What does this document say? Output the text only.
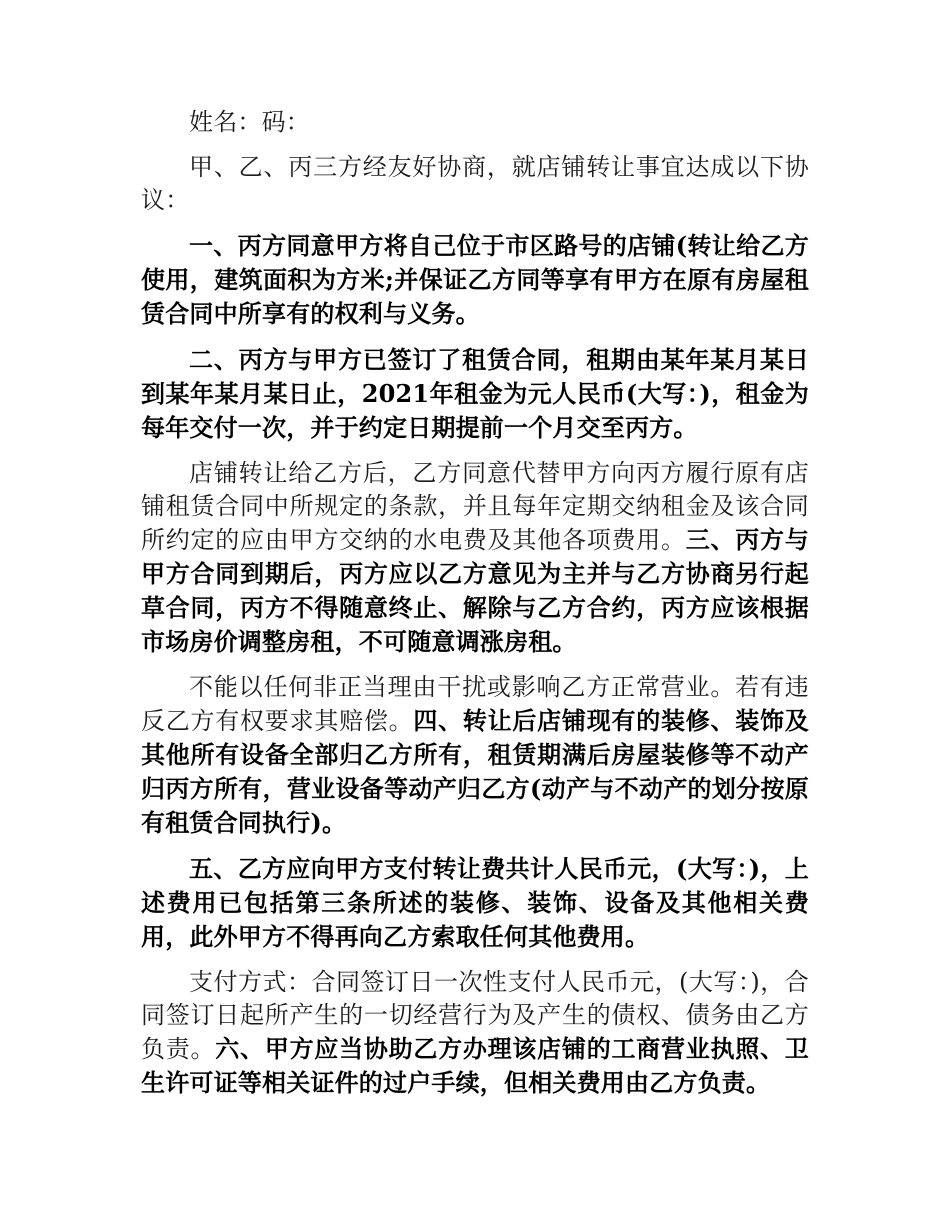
姓名：码：

甲、乙、丙三方经友好协商，就店铺转让事宜达成以下协议：

一、丙方同意甲方将自己位于市区路号的店铺(转让给乙方使用，建筑面积为方米;并保证乙方同等享有甲方在原有房屋租赁合同中所享有的权利与义务。

二、丙方与甲方已签订了租赁合同，租期由某年某月某日到某年某月某日止，2021年租金为元人民币(大写：)，租金为每年交付一次，并于约定日期提前一个月交至丙方。

店铺转让给乙方后，乙方同意代替甲方向丙方履行原有店铺租赁合同中所规定的条款，并且每年定期交纳租金及该合同所约定的应由甲方交纳的水电费及其他各项费用。三、丙方与甲方合同到期后，丙方应以乙方意见为主并与乙方协商另行起草合同，丙方不得随意终止、解除与乙方合约，丙方应该根据市场房价调整房租，不可随意调涨房租。

不能以任何非正当理由干扰或影响乙方正常营业。若有违反乙方有权要求其赔偿。四、转让后店铺现有的装修、装饰及其他所有设备全部归乙方所有，租赁期满后房屋装修等不动产归丙方所有，营业设备等动产归乙方(动产与不动产的划分按原有租赁合同执行)。

五、乙方应向甲方支付转让费共计人民币元，(大写：)，上述费用已包括第三条所述的装修、装饰、设备及其他相关费用，此外甲方不得再向乙方索取任何其他费用。

支付方式：合同签订日一次性支付人民币元，(大写：)，合同签订日起所产生的一切经营行为及产生的债权、债务由乙方负责。六、甲方应当协助乙方办理该店铺的工商营业执照、卫生许可证等相关证件的过户手续，但相关费用由乙方负责。
